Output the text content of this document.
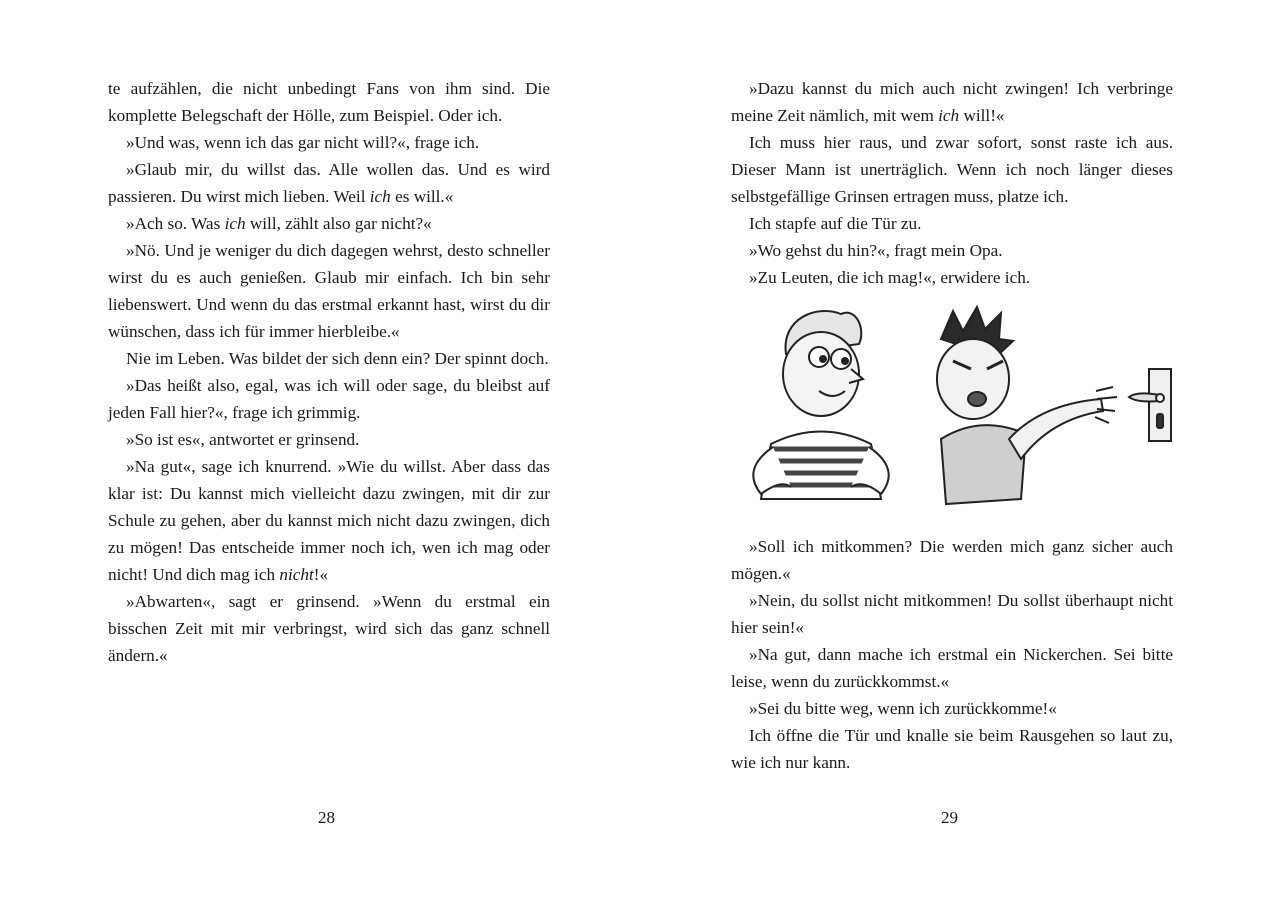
te aufzählen, die nicht unbedingt Fans von ihm sind. Die komplette Belegschaft der Hölle, zum Beispiel. Oder ich.

»Und was, wenn ich das gar nicht will?«, frage ich.

»Glaub mir, du willst das. Alle wollen das. Und es wird passieren. Du wirst mich lieben. Weil ich es will.«

»Ach so. Was ich will, zählt also gar nicht?«

»Nö. Und je weniger du dich dagegen wehrst, desto schneller wirst du es auch genießen. Glaub mir einfach. Ich bin sehr liebenswert. Und wenn du das erstmal erkannt hast, wirst du dir wünschen, dass ich für immer hierbleibe.«

Nie im Leben. Was bildet der sich denn ein? Der spinnt doch.

»Das heißt also, egal, was ich will oder sage, du bleibst auf jeden Fall hier?«, frage ich grimmig.

»So ist es«, antwortet er grinsend.

»Na gut«, sage ich knurrend. »Wie du willst. Aber dass das klar ist: Du kannst mich vielleicht dazu zwingen, mit dir zur Schule zu gehen, aber du kannst mich nicht dazu zwingen, dich zu mögen! Das entscheide immer noch ich, wen ich mag oder nicht! Und dich mag ich nicht!«

»Abwarten«, sagt er grinsend. »Wenn du erstmal ein bisschen Zeit mit mir verbringst, wird sich das ganz schnell ändern.«

28

»Dazu kannst du mich auch nicht zwingen! Ich verbringe meine Zeit nämlich, mit wem ich will!«

Ich muss hier raus, und zwar sofort, sonst raste ich aus. Dieser Mann ist unerträglich. Wenn ich noch länger dieses selbstgefällige Grinsen ertragen muss, platze ich.

Ich stapfe auf die Tür zu.

»Wo gehst du hin?«, fragt mein Opa.

»Zu Leuten, die ich mag!«, erwidere ich.

»Soll ich mitkommen? Die werden mich ganz sicher auch mögen.«

»Nein, du sollst nicht mitkommen! Du sollst überhaupt nicht hier sein!«

»Na gut, dann mache ich erstmal ein Nickerchen. Sei bitte leise, wenn du zurückkommst.«

»Sei du bitte weg, wenn ich zurückkomme!«

Ich öffne die Tür und knalle sie beim Rausgehen so laut zu, wie ich nur kann.

29
